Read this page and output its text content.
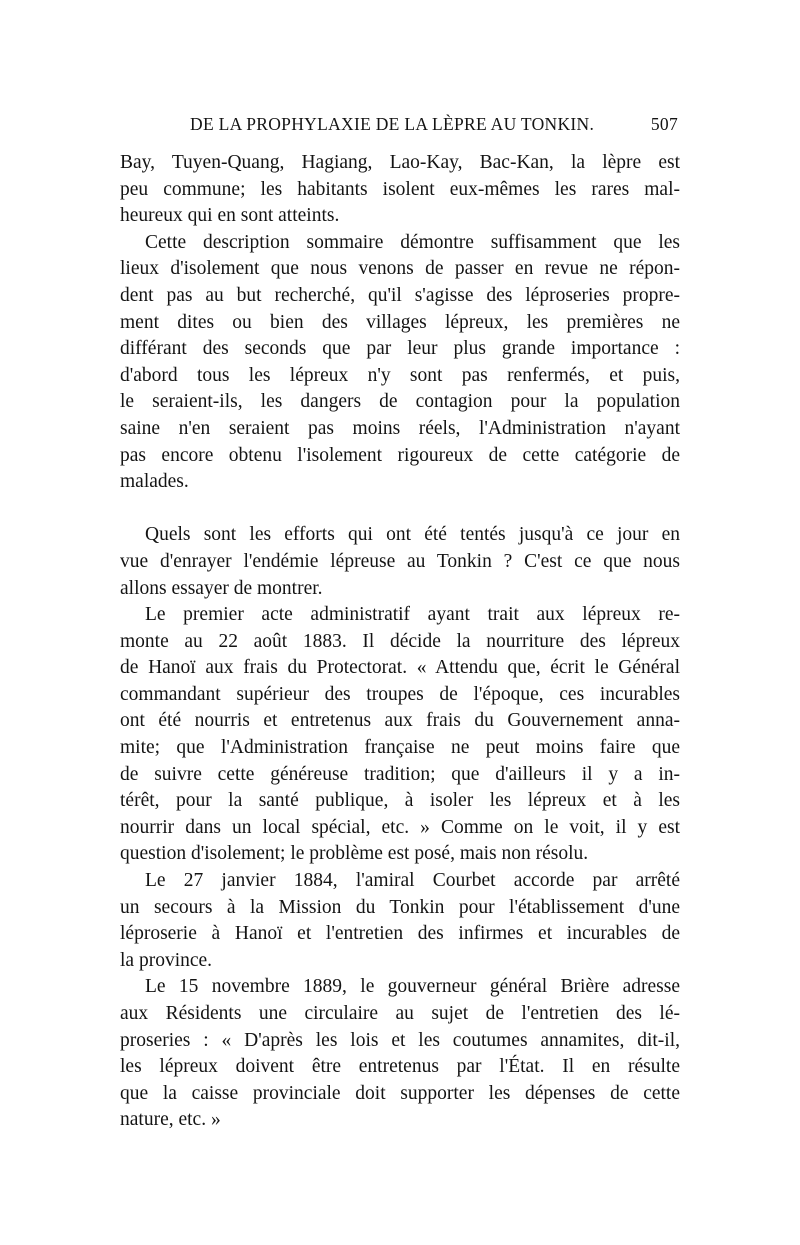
DE LA PROPHYLAXIE DE LA LÈPRE AU TONKIN.	507
Bay, Tuyen-Quang, Hagiang, Lao-Kay, Bac-Kan, la lèpre est
peu commune; les habitants isolent eux-mêmes les rares mal-
heureux qui en sont atteints.
Cette description sommaire démontre suffisamment que les
lieux d'isolement que nous venons de passer en revue ne répon-
dent pas au but recherché, qu'il s'agisse des léproseries propre-
ment dites ou bien des villages lépreux, les premières ne
différant des seconds que par leur plus grande importance :
d'abord tous les lépreux n'y sont pas renfermés, et puis,
le seraient-ils, les dangers de contagion pour la population
saine n'en seraient pas moins réels, l'Administration n'ayant
pas encore obtenu l'isolement rigoureux de cette catégorie de
malades.
Quels sont les efforts qui ont été tentés jusqu'à ce jour en
vue d'enrayer l'endémie lépreuse au Tonkin ? C'est ce que nous
allons essayer de montrer.
Le premier acte administratif ayant trait aux lépreux re-
monte au 22 août 1883. Il décide la nourriture des lépreux
de Hanoï aux frais du Protectorat. « Attendu que, écrit le Général
commandant supérieur des troupes de l'époque, ces incurables
ont été nourris et entretenus aux frais du Gouvernement anna-
mite; que l'Administration française ne peut moins faire que
de suivre cette généreuse tradition; que d'ailleurs il y a in-
térêt, pour la santé publique, à isoler les lépreux et à les
nourrir dans un local spécial, etc. » Comme on le voit, il y est
question d'isolement; le problème est posé, mais non résolu.
Le 27 janvier 1884, l'amiral Courbet accorde par arrêté
un secours à la Mission du Tonkin pour l'établissement d'une
léproserie à Hanoï et l'entretien des infirmes et incurables de
la province.
Le 15 novembre 1889, le gouverneur général Brière adresse
aux Résidents une circulaire au sujet de l'entretien des lé-
proseries : « D'après les lois et les coutumes annamites, dit-il,
les lépreux doivent être entretenus par l'État. Il en résulte
que la caisse provinciale doit supporter les dépenses de cette
nature, etc. »
